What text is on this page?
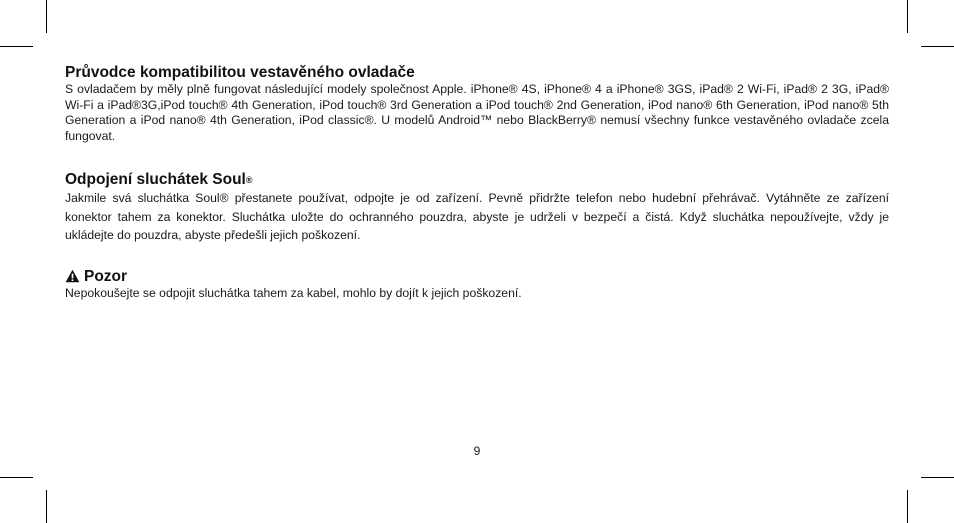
Průvodce kompatibilitou vestavěného ovladače

S ovladačem by měly plně fungovat následující modely společnost Apple. iPhone® 4S, iPhone® 4 a iPhone® 3GS, iPad® 2 Wi-Fi, iPad® 2 3G, iPad® Wi-Fi a iPad®3G,iPod touch® 4th Generation, iPod touch® 3rd Generation a iPod touch® 2nd Generation, iPod nano® 6th Generation, iPod nano® 5th Generation a iPod nano® 4th Generation, iPod classic®. U modelů Android™ nebo BlackBerry® nemusí všechny funkce vestavěného ovladače zcela fungovat.

Odpojení sluchátek Soul ®

Jakmile svá sluchátka Soul® přestanete používat, odpojte je od zařízení. Pevně přidržte telefon nebo hudební přehrávač. Vytáhněte ze zařízení konektor tahem za konektor. Sluchátka uložte do ochranného pouzdra, abyste je udrželi v bezpečí a čistá. Když sluchátka nepoužívejte, vždy je ukládejte do pouzdra, abyste předešli jejich poškození.

Pozor

Nepokoušejte se odpojit sluchátka tahem za kabel, mohlo by dojít k jejich poškození.

9
